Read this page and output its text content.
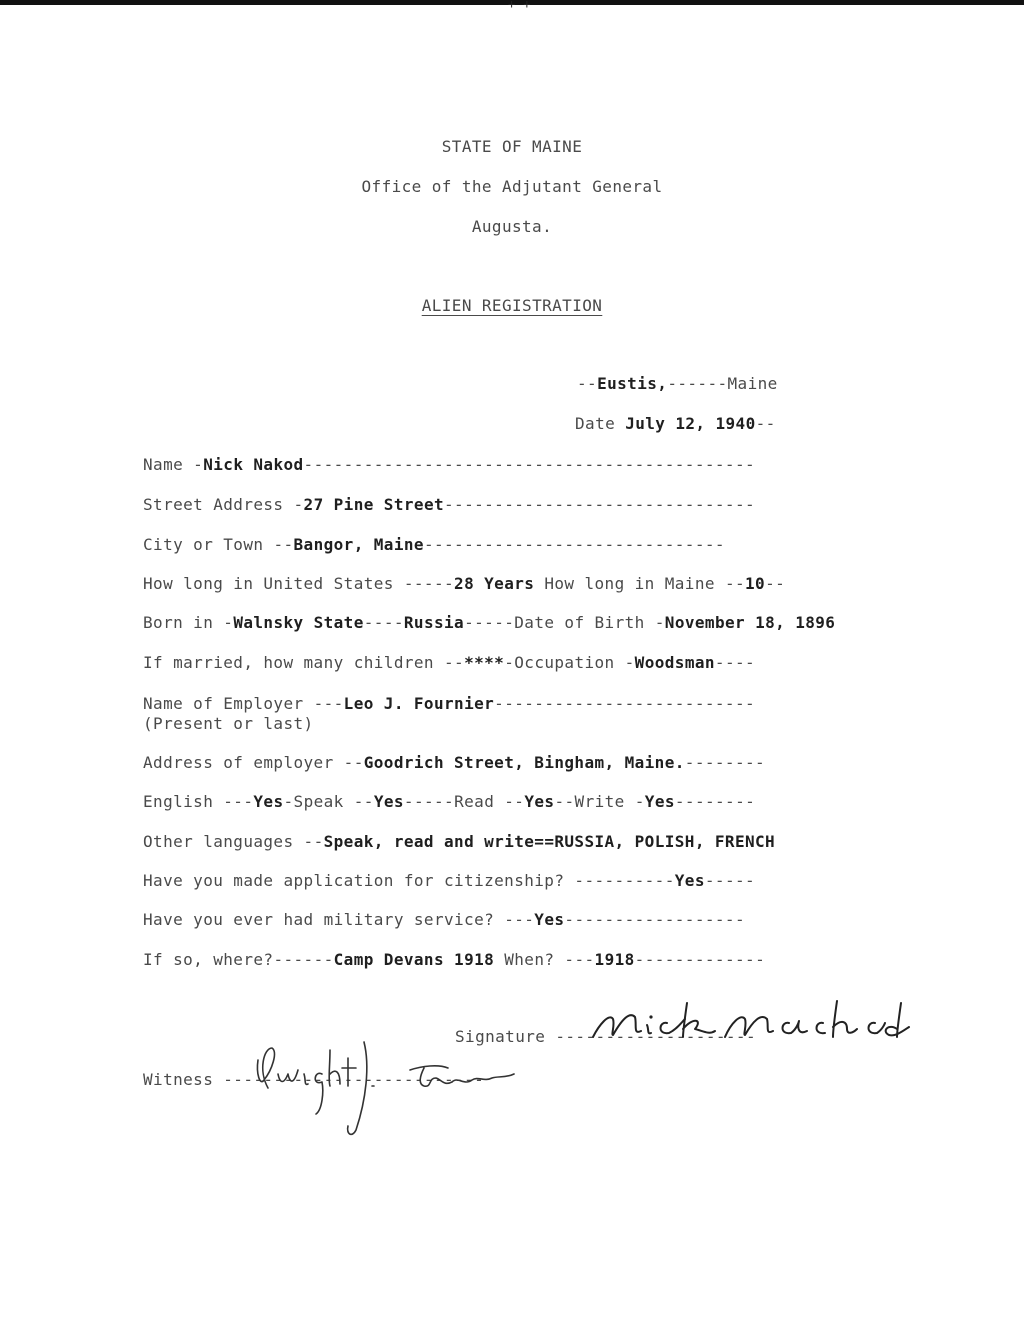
+ +
STATE OF MAINE
Office of the Adjutant General
Augusta.
ALIEN REGISTRATION
--Eustis,------Maine
Date July 12, 1940--
Name -Nick Nakod---------------------------------------------
Street Address -27 Pine Street-------------------------------
City or Town --Bangor, Maine------------------------------
How long in United States -----28 Years How long in Maine --10--
Born in -Walnsky State----Russia-----Date of Birth -November 18, 1896
If married, how many children --****-Occupation -Woodsman----
Name of Employer ---Leo J. Fournier--------------------------
(Present or last)
Address of employer --Goodrich Street, Bingham, Maine.--------
English ---Yes-Speak --Yes-----Read --Yes--Write -Yes--------
Other languages --Speak, read and write==RUSSIA, POLISH, FRENCH
Have you made application for citizenship? ----------Yes-----
Have you ever had military service? ---Yes------------------
If so, where?------Camp Devans 1918 When? ---1918-------------
Signature --------------------
Witness --------------------------
